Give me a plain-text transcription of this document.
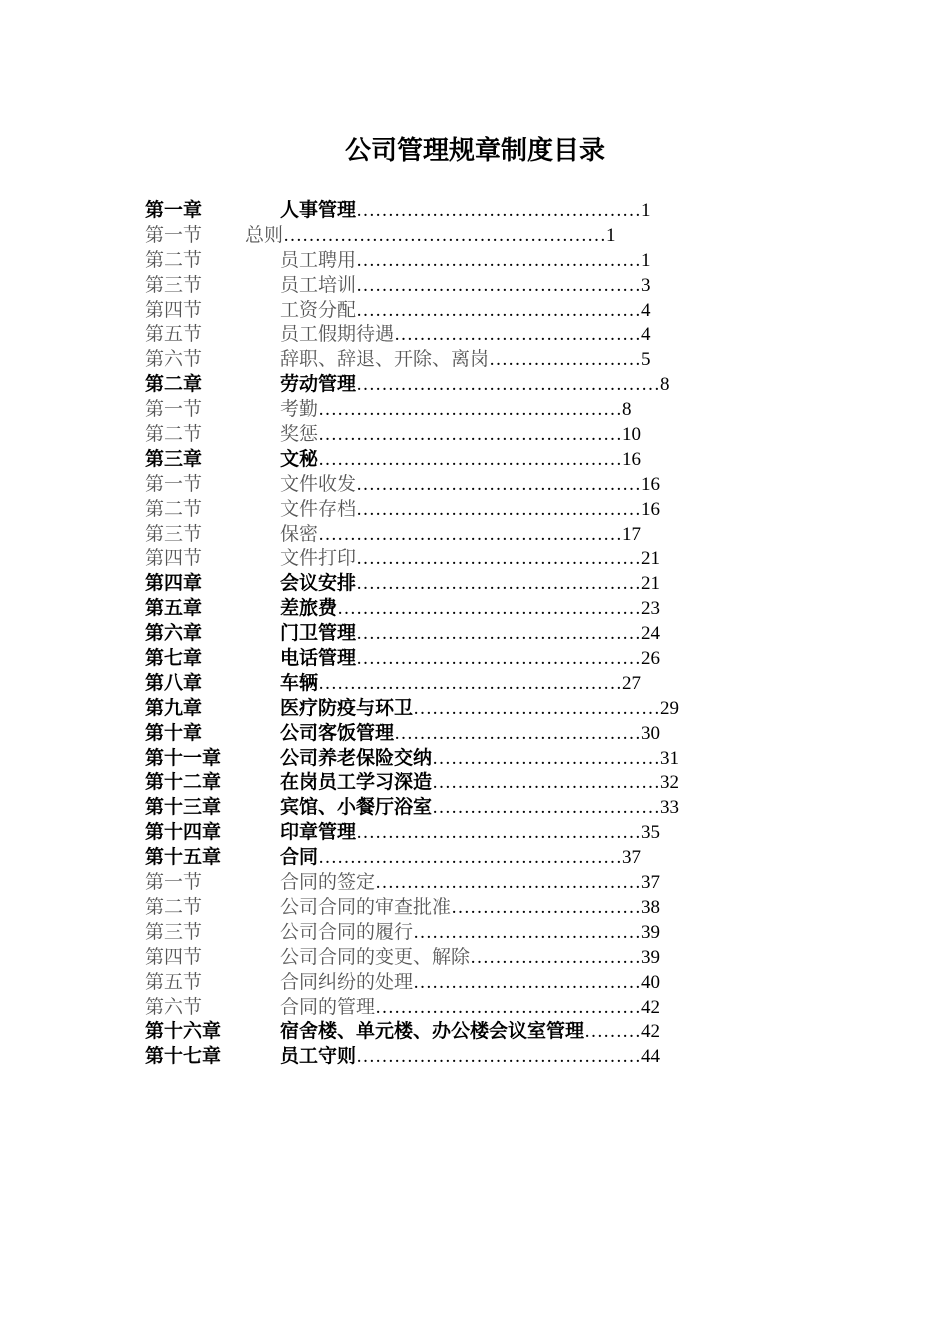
公司管理规章制度目录
第一章	人事管理………………………………………1
第一节 总则……………………………………………1
第二节	员工聘用………………………………………1
第三节	员工培训………………………………………3
第四节	工资分配………………………………………4
第五节	员工假期待遇…………………………………4
第六节	辞职、辞退、开除、离岗……………………5
第二章	劳动管理…………………………………………8
第一节	考勤…………………………………………8
第二节	奖惩…………………………………………10
第三章	文秘…………………………………………16
第一节	文件收发………………………………………16
第二节	文件存档………………………………………16
第三节	保密…………………………………………17
第四节	文件打印………………………………………21
第四章	会议安排………………………………………21
第五章	差旅费…………………………………………23
第六章	门卫管理………………………………………24
第七章	电话管理………………………………………26
第八章	车辆…………………………………………27
第九章	医疗防疫与环卫…………………………………29
第十章	公司客饭管理…………………………………30
第十一章	公司养老保险交纳………………………………31
第十二章	在岗员工学习深造………………………………32
第十三章	宾馆、小餐厅浴室………………………………33
第十四章	印章管理………………………………………35
第十五章	合同…………………………………………37
第一节	合同的签定……………………………………37
第二节	公司合同的审查批准…………………………38
第三节	公司合同的履行………………………………39
第四节	公司合同的变更、解除………………………39
第五节	合同纠纷的处理………………………………40
第六节	合同的管理……………………………………42
第十六章	宿舍楼、单元楼、办公楼会议室管理………42
第十七章	员工守则………………………………………44
